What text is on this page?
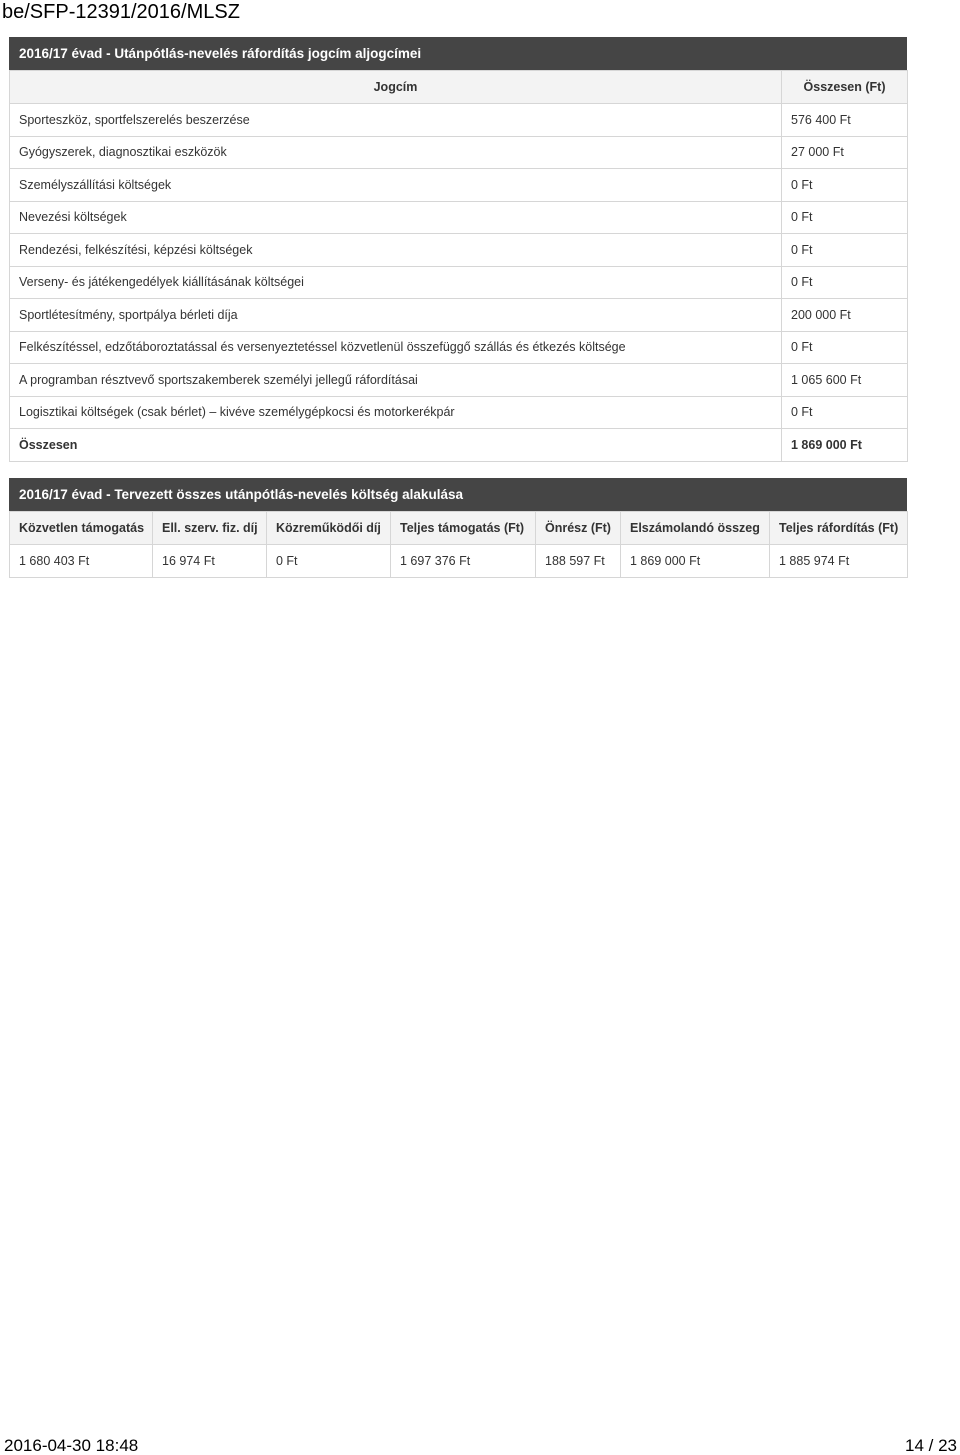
be/SFP-12391/2016/MLSZ
2016/17 évad - Utánpótlás-nevelés ráfordítás jogcím aljogcímei
Jogcím	Összesen (Ft)
Sporteszköz, sportfelszerelés beszerzése	576 400 Ft
Gyógyszerek, diagnosztikai eszközök	27 000 Ft
Személyszállítási költségek	0 Ft
Nevezési költségek	0 Ft
Rendezési, felkészítési, képzési költségek	0 Ft
Verseny- és játékengedélyek kiállításának költségei	0 Ft
Sportlétesítmény, sportpálya bérleti díja	200 000 Ft
Felkészítéssel, edzőtáboroztatással és versenyeztetéssel közvetlenül összefüggő szállás és étkezés költsége	0 Ft
A programban résztvevő sportszakemberek személyi jellegű ráfordításai	1 065 600 Ft
Logisztikai költségek (csak bérlet) – kivéve személygépkocsi és motorkerékpár	0 Ft
Összesen	1 869 000 Ft
2016/17 évad - Tervezett összes utánpótlás-nevelés költség alakulása
Közvetlen támogatás	Ell. szerv. fiz. díj	Közreműködői díj	Teljes támogatás (Ft)	Önrész (Ft)	Elszámolandó összeg	Teljes ráfordítás (Ft)
1 680 403 Ft	16 974 Ft	0 Ft	1 697 376 Ft	188 597 Ft	1 869 000 Ft	1 885 974 Ft
2016-04-30 18:48	14 / 23
